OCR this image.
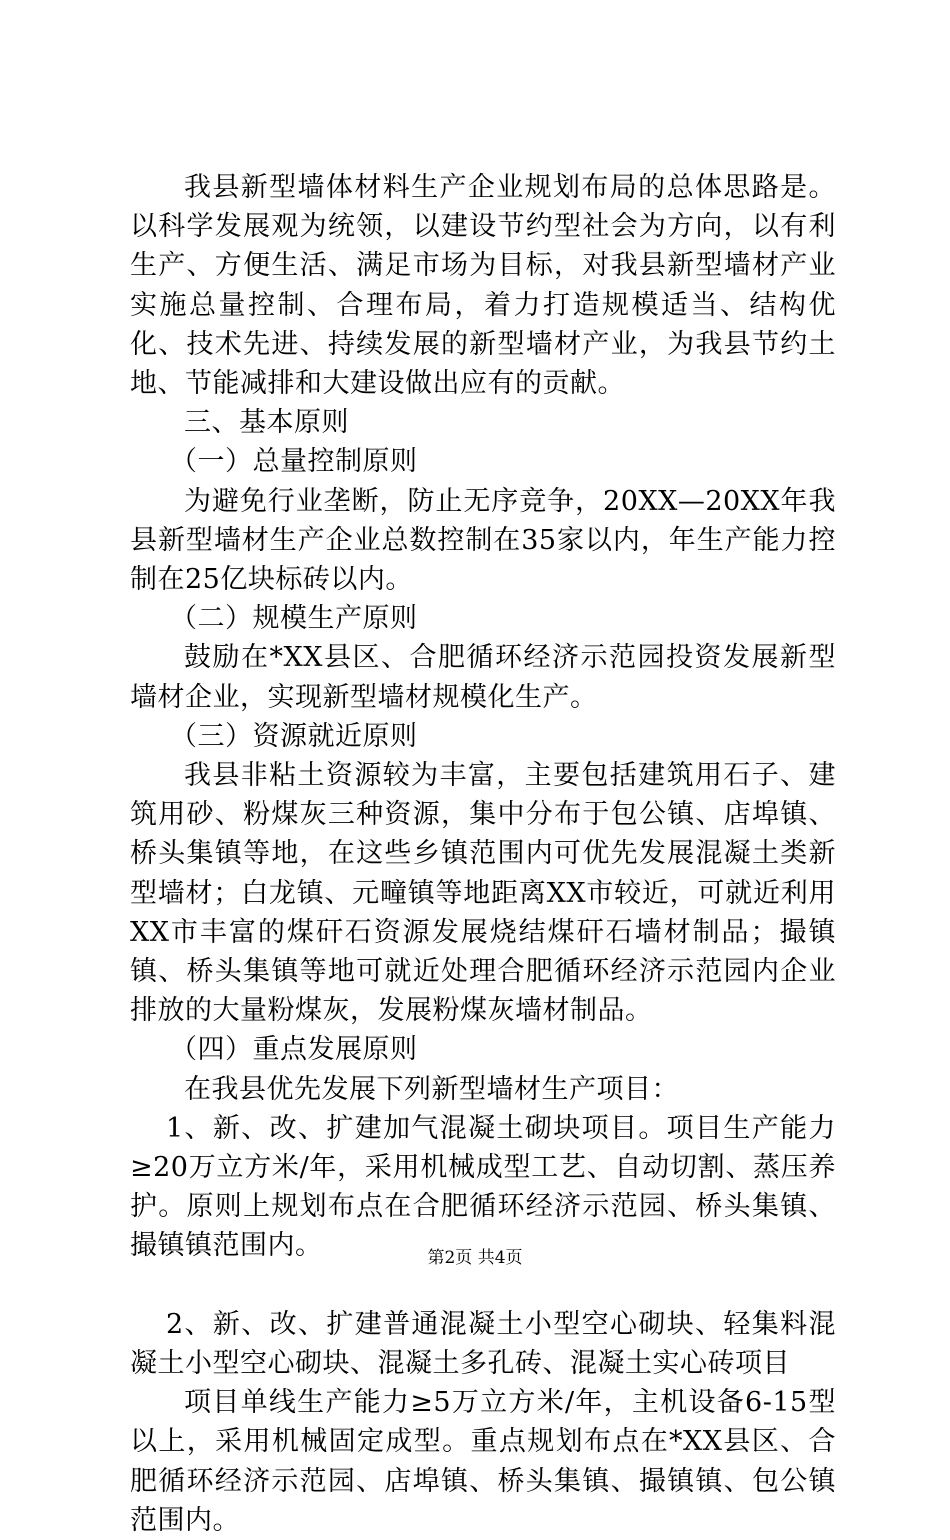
我县新型墙体材料生产企业规划布局的总体思路是。以科学发展观为统领，以建设节约型社会为方向，以有利生产、方便生活、满足市场为目标，对我县新型墙材产业实施总量控制、合理布局，着力打造规模适当、结构优化、技术先进、持续发展的新型墙材产业，为我县节约土地、节能减排和大建设做出应有的贡献。

三、基本原则

（一）总量控制原则

为避免行业垄断，防止无序竞争，20XX—20XX年我县新型墙材生产企业总数控制在35家以内，年生产能力控制在25亿块标砖以内。

（二）规模生产原则

鼓励在*XX县区、合肥循环经济示范园投资发展新型墙材企业，实现新型墙材规模化生产。

（三）资源就近原则

我县非粘土资源较为丰富，主要包括建筑用石子、建筑用砂、粉煤灰三种资源，集中分布于包公镇、店埠镇、桥头集镇等地，在这些乡镇范围内可优先发展混凝土类新型墙材；白龙镇、元疃镇等地距离XX市较近，可就近利用XX市丰富的煤矸石资源发展烧结煤矸石墙材制品；撮镇镇、桥头集镇等地可就近处理合肥循环经济示范园内企业排放的大量粉煤灰，发展粉煤灰墙材制品。

（四）重点发展原则

在我县优先发展下列新型墙材生产项目：

1、新、改、扩建加气混凝土砌块项目。项目生产能力≥20万立方米/年，采用机械成型工艺、自动切割、蒸压养护。原则上规划布点在合肥循环经济示范园、桥头集镇、撮镇镇范围内。

2、新、改、扩建普通混凝土小型空心砌块、轻集料混凝土小型空心砌块、混凝土多孔砖、混凝土实心砖项目

项目单线生产能力≥5万立方米/年，主机设备6-15型以上，采用机械固定成型。重点规划布点在*XX县区、合肥循环经济示范园、店埠镇、桥头集镇、撮镇镇、包公镇范围内。

第2页 共4页
